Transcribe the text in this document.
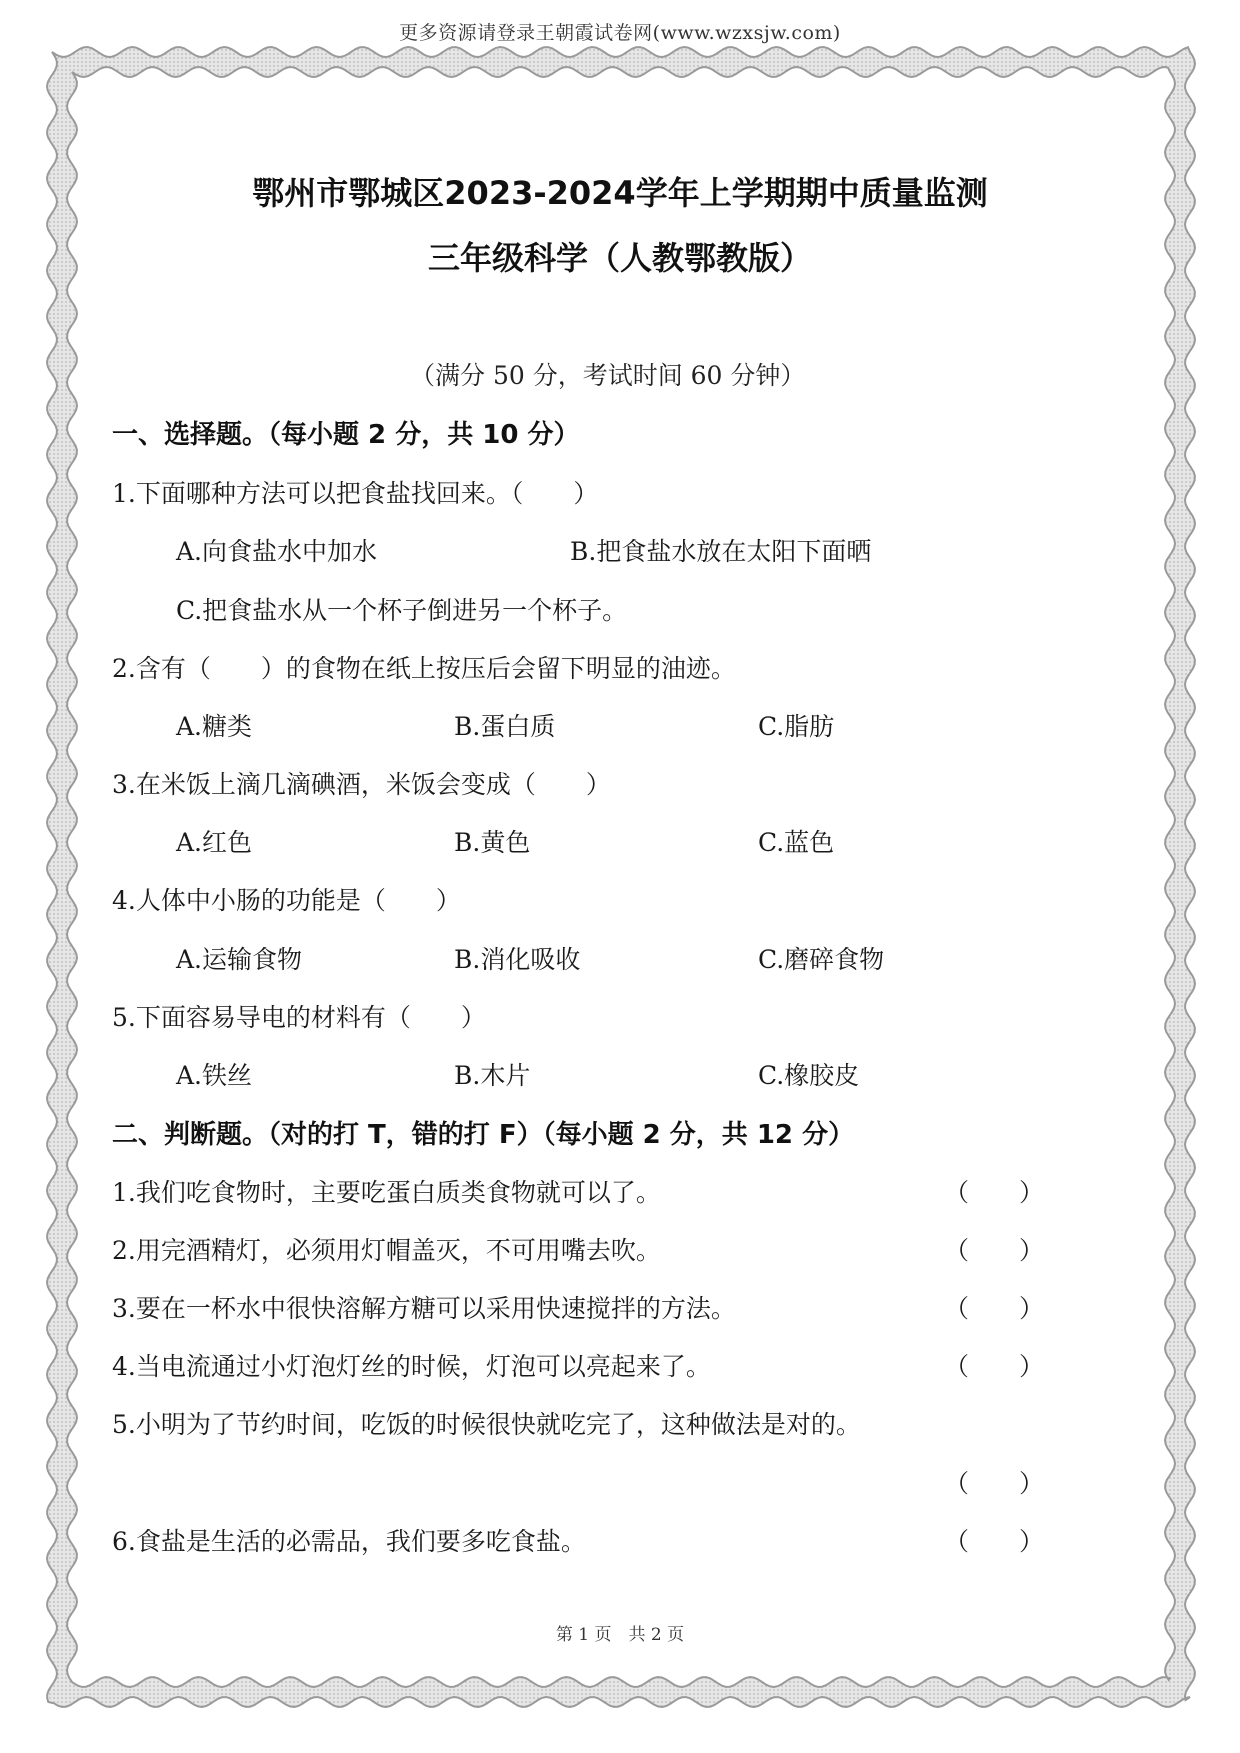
更多资源请登录王朝霞试卷网(www.wzxsjw.com)
鄂州市鄂城区2023-2024学年上学期期中质量监测
三年级科学（人教鄂教版）
（满分 50 分，考试时间 60 分钟）
一、选择题。（每小题 2 分，共 10 分）
1.下面哪种方法可以把食盐找回来。（　　）
A.向食盐水中加水	B.把食盐水放在太阳下面晒
C.把食盐水从一个杯子倒进另一个杯子。
2.含有（　　）的食物在纸上按压后会留下明显的油迹。
A.糖类	B.蛋白质	C.脂肪
3.在米饭上滴几滴碘酒，米饭会变成（　　）
A.红色	B.黄色	C.蓝色
4.人体中小肠的功能是（　　）
A.运输食物	B.消化吸收	C.磨碎食物
5.下面容易导电的材料有（　　）
A.铁丝	B.木片	C.橡胶皮
二、判断题。（对的打 T，错的打 F）（每小题 2 分，共 12 分）
1.我们吃食物时，主要吃蛋白质类食物就可以了。	（　　）
2.用完酒精灯，必须用灯帽盖灭，不可用嘴去吹。	（　　）
3.要在一杯水中很快溶解方糖可以采用快速搅拌的方法。	（　　）
4.当电流通过小灯泡灯丝的时候，灯泡可以亮起来了。	（　　）
5.小明为了节约时间，吃饭的时候很快就吃完了，这种做法是对的。
（　　）
6.食盐是生活的必需品，我们要多吃食盐。	（　　）
第 1 页　共 2 页
